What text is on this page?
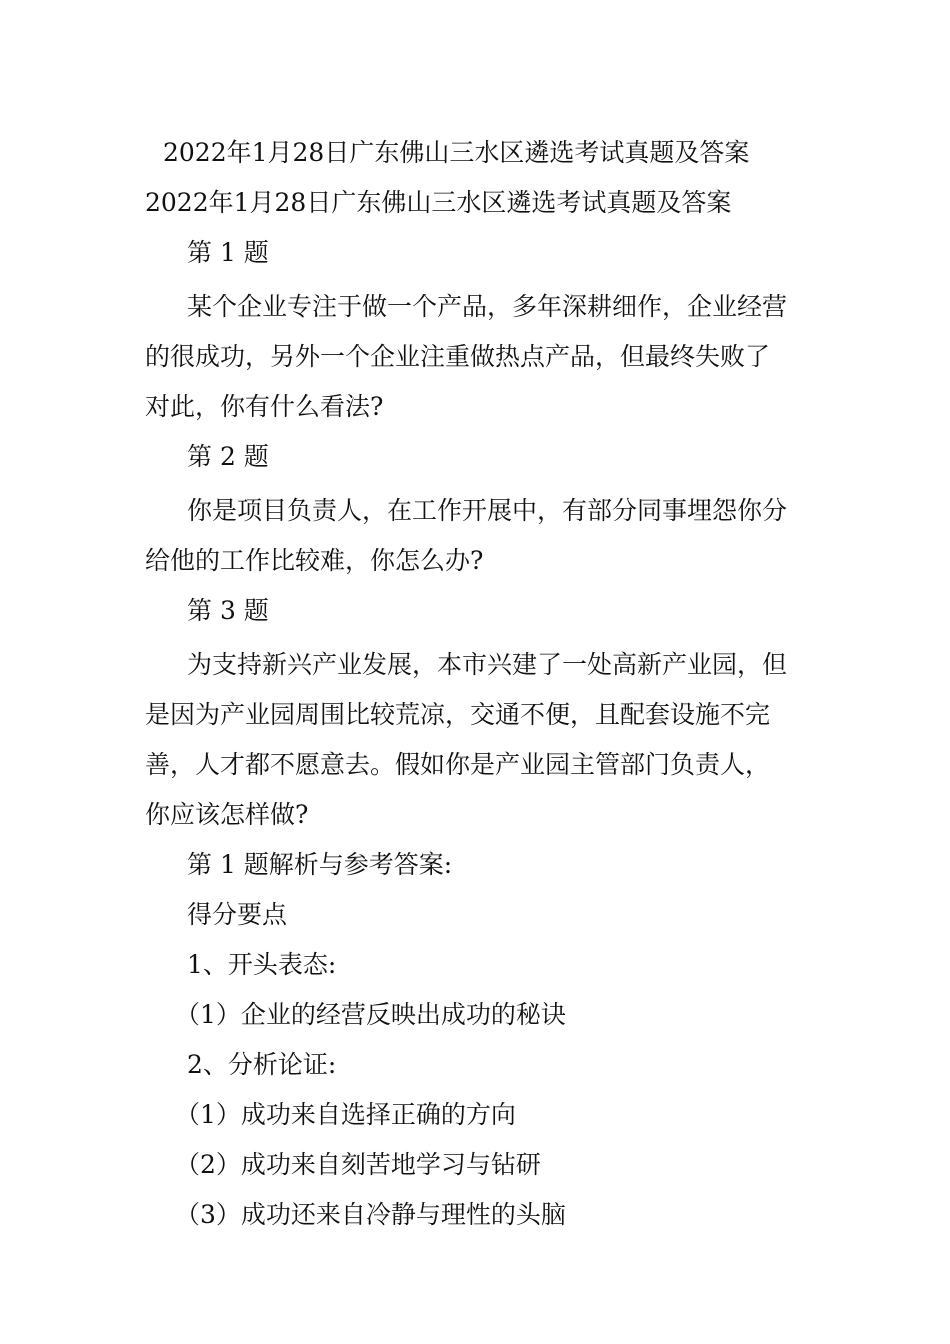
2022年1月28日广东佛山三水区遴选考试真题及答案
2022年1月28日广东佛山三水区遴选考试真题及答案
第 1 题
某个企业专注于做一个产品，多年深耕细作，企业经营
的很成功，另外一个企业注重做热点产品，但最终失败了
对此，你有什么看法?
第 2 题
你是项目负责人，在工作开展中，有部分同事埋怨你分
给他的工作比较难，你怎么办?
第 3 题
为支持新兴产业发展，本市兴建了一处高新产业园，但
是因为产业园周围比较荒凉，交通不便，且配套设施不完
善，人才都不愿意去。假如你是产业园主管部门负责人，
你应该怎样做?
第 1 题解析与参考答案:
得分要点
1、开头表态:
（1）企业的经营反映出成功的秘诀
2、分析论证:
（1）成功来自选择正确的方向
（2）成功来自刻苦地学习与钻研
（3）成功还来自冷静与理性的头脑
